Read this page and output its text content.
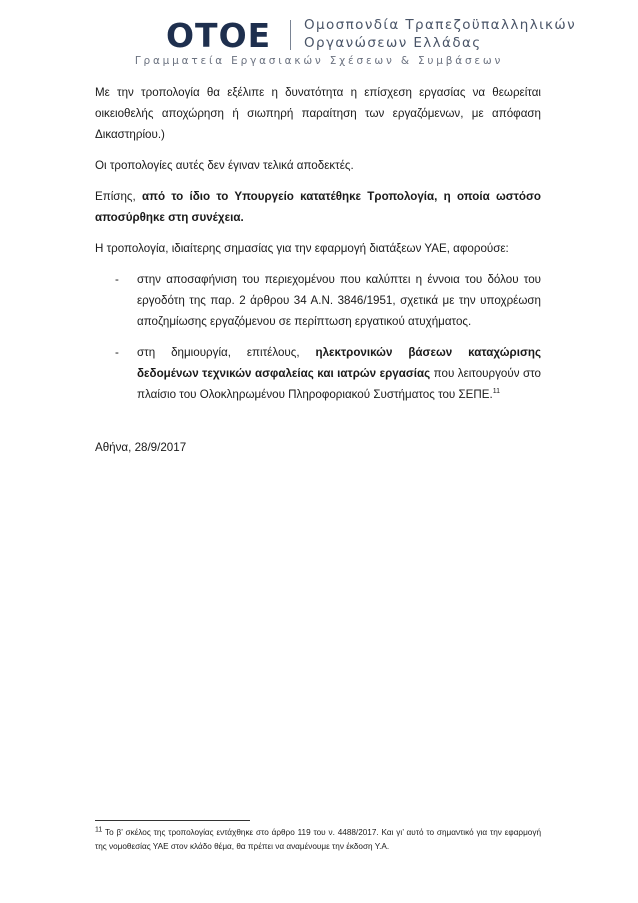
ΟΤΟΕ Ομοσπονδία Τραπεζοϋπαλληλικών
Οργανώσεων Ελλάδας
Γραμματεία Εργασιακών Σχέσεων & Συμβάσεων

Με την τροπολογία θα εξέλιπε η δυνατότητα η επίσχεση εργασίας να θεωρείται οικειοθελής αποχώρηση ή σιωπηρή παραίτηση των εργαζόμενων, με απόφαση Δικαστηρίου.)

Οι τροπολογίες αυτές δεν έγιναν τελικά αποδεκτές.

Επίσης, από το ίδιο το Υπουργείο κατατέθηκε Τροπολογία, η οποία ωστόσο αποσύρθηκε στη συνέχεια.

Η τροπολογία, ιδιαίτερης σημασίας για την εφαρμογή διατάξεων ΥΑΕ, αφορούσε:

- στην αποσαφήνιση του περιεχομένου που καλύπτει η έννοια του δόλου του εργοδότη της παρ. 2 άρθρου 34 Α.Ν. 3846/1951, σχετικά με την υποχρέωση αποζημίωσης εργαζόμενου σε περίπτωση εργατικού ατυχήματος.
- στη δημιουργία, επιτέλους, ηλεκτρονικών βάσεων καταχώρισης δεδομένων τεχνικών ασφαλείας και ιατρών εργασίας που λειτουργούν στο πλαίσιο του Ολοκληρωμένου Πληροφοριακού Συστήματος του ΣΕΠΕ.$^{11}$

Αθήνα, 28/9/2017

$^{11}$ Το β’ σκέλος της τροπολογίας εντάχθηκε στο άρθρο 119 του ν. 4488/2017. Και γι’ αυτό το σημαντικό για την εφαρμογή της νομοθεσίας ΥΑΕ στον κλάδο θέμα, θα πρέπει να αναμένουμε την έκδοση Υ.Α.
